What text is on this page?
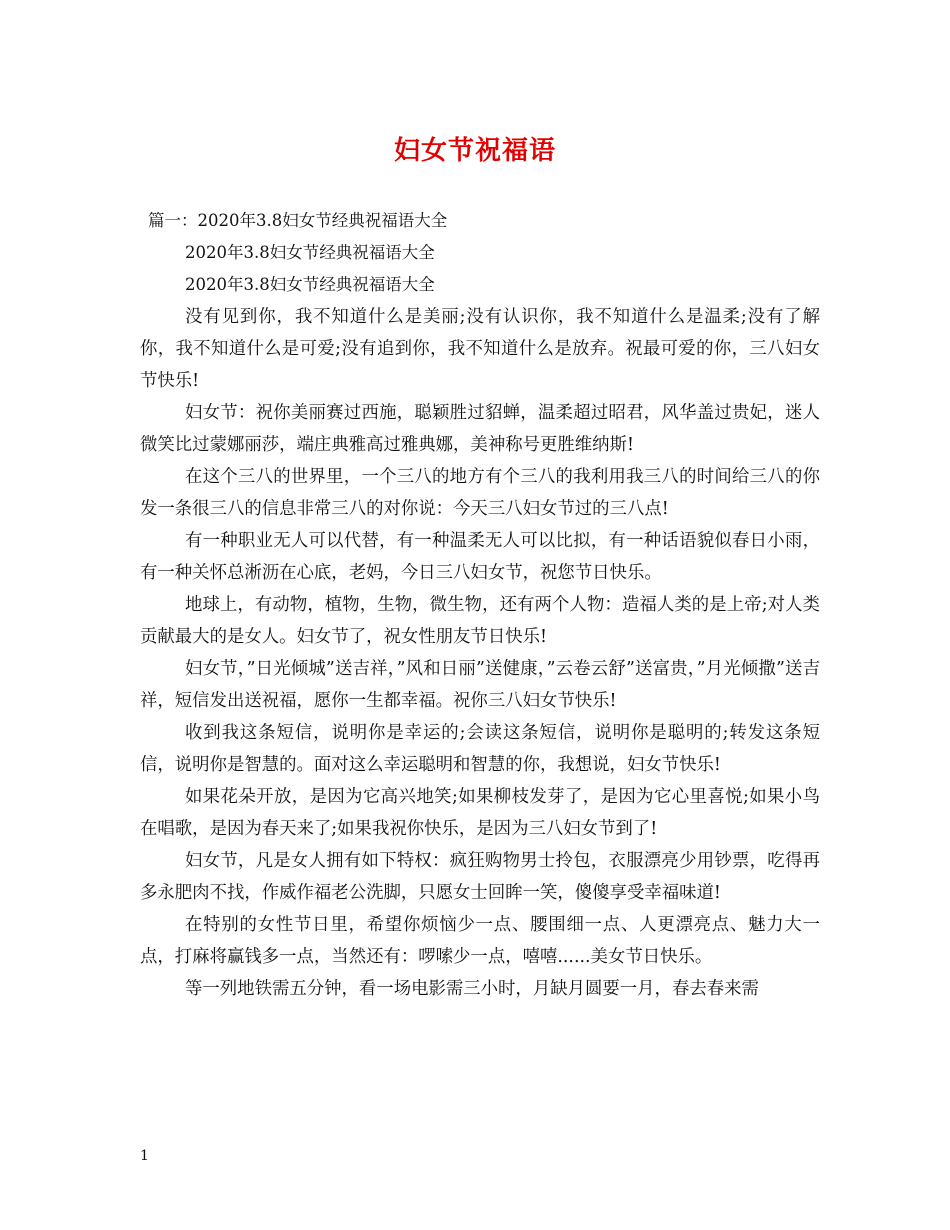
妇女节祝福语
篇一：2020年3.8妇女节经典祝福语大全
2020年3.8妇女节经典祝福语大全
2020年3.8妇女节经典祝福语大全

没有见到你，我不知道什么是美丽;没有认识你，我不知道什么是温柔;没有了解你，我不知道什么是可爱;没有追到你，我不知道什么是放弃。祝最可爱的你，三八妇女节快乐!

妇女节：祝你美丽赛过西施，聪颖胜过貂蝉，温柔超过昭君，风华盖过贵妃，迷人微笑比过蒙娜丽莎，端庄典雅高过雅典娜，美神称号更胜维纳斯!

在这个三八的世界里，一个三八的地方有个三八的我利用我三八的时间给三八的你发一条很三八的信息非常三八的对你说：今天三八妇女节过的三八点!

有一种职业无人可以代替，有一种温柔无人可以比拟，有一种话语貌似春日小雨，有一种关怀总淅沥在心底，老妈，今日三八妇女节，祝您节日快乐。

地球上，有动物，植物，生物，微生物，还有两个人物：造福人类的是上帝;对人类贡献最大的是女人。妇女节了，祝女性朋友节日快乐!

妇女节，”日光倾城”送吉祥，”风和日丽”送健康，”云卷云舒”送富贵，”月光倾撒”送吉祥，短信发出送祝福，愿你一生都幸福。祝你三八妇女节快乐!

收到我这条短信，说明你是幸运的;会读这条短信，说明你是聪明的;转发这条短信，说明你是智慧的。面对这么幸运聪明和智慧的你，我想说，妇女节快乐!

如果花朵开放，是因为它高兴地笑;如果柳枝发芽了，是因为它心里喜悦;如果小鸟在唱歌，是因为春天来了;如果我祝你快乐，是因为三八妇女节到了!

妇女节，凡是女人拥有如下特权：疯狂购物男士拎包，衣服漂亮少用钞票，吃得再多永肥肉不找，作威作福老公洗脚，只愿女士回眸一笑，傻傻享受幸福味道!

在特别的女性节日里，希望你烦恼少一点、腰围细一点、人更漂亮点、魅力大一点，打麻将赢钱多一点，当然还有：啰嗦少一点，嘻嘻......美女节日快乐。

等一列地铁需五分钟，看一场电影需三小时，月缺月圆要一月，春去春来需

1
